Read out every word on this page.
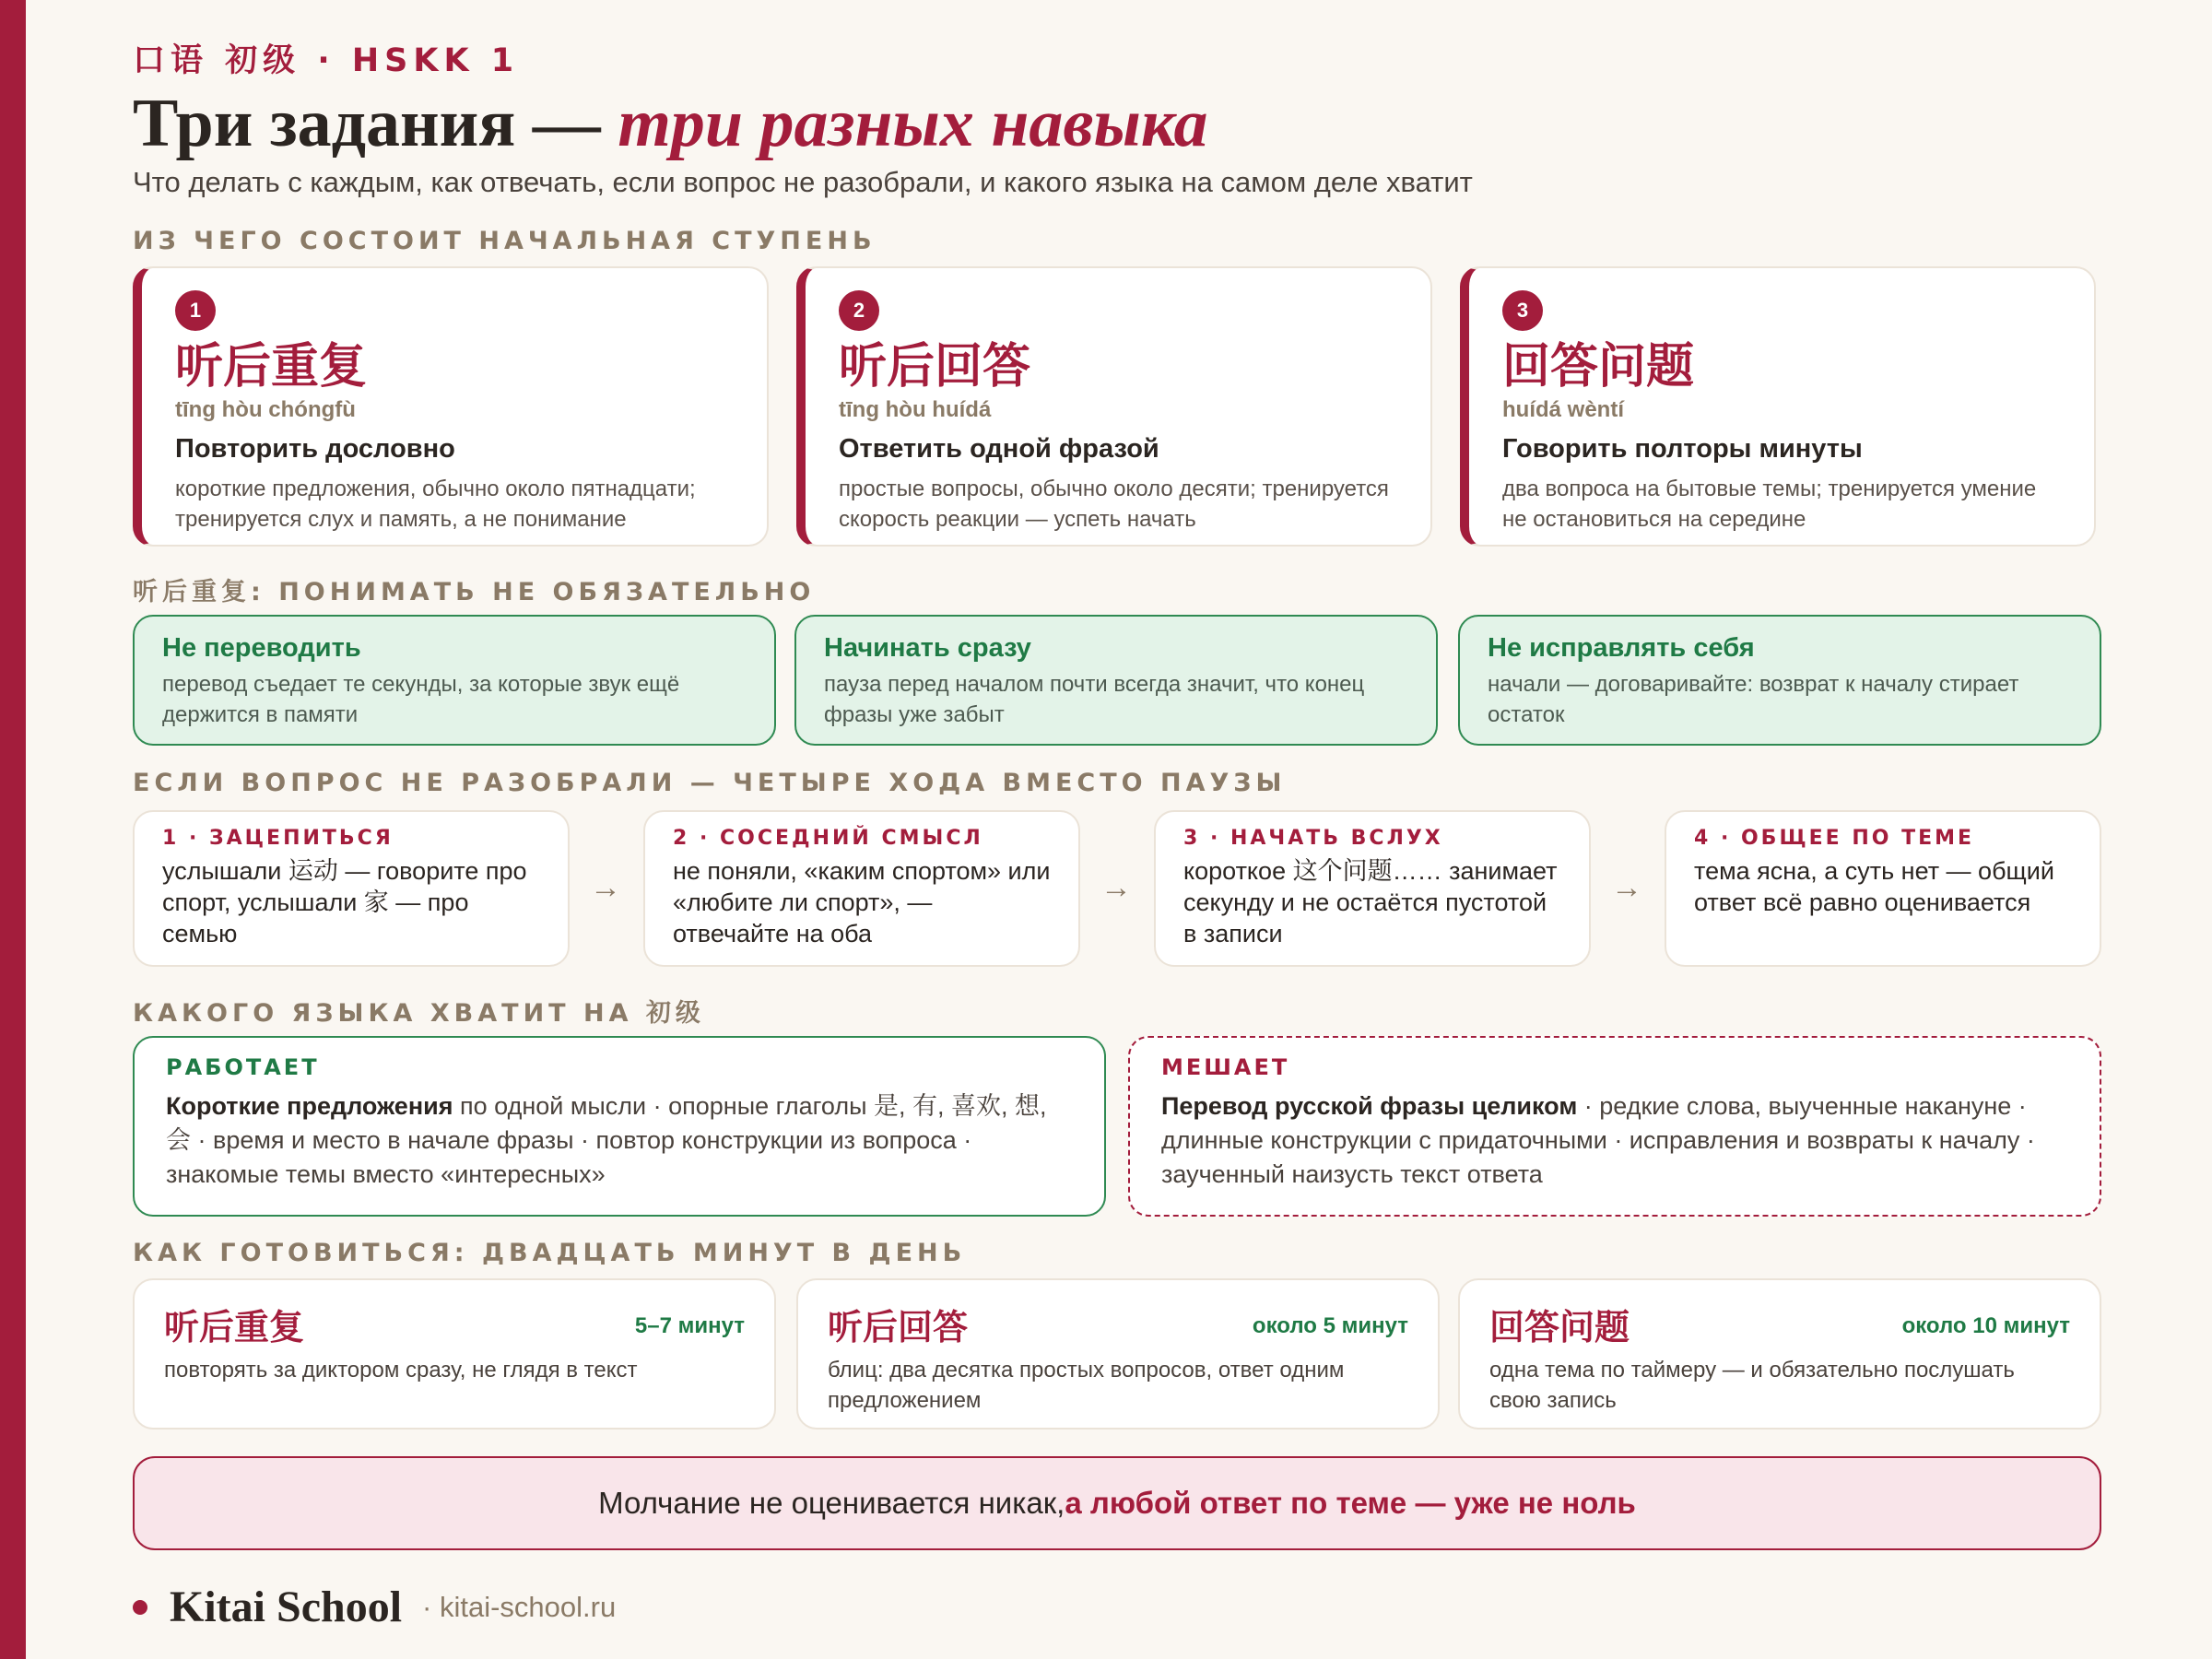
口语 初级 · HSKK 1
Три задания — три разных навыка
Что делать с каждым, как отвечать, если вопрос не разобрали, и какого языка на самом деле хватит
ИЗ ЧЕГО СОСТОИТ НАЧАЛЬНАЯ СТУПЕНЬ
1
听后重复
tīng hòu chóngfù
Повторить дословно
короткие предложения, обычно около пятнадцати; тренируется слух и память, а не понимание
2
听后回答
tīng hòu huídá
Ответить одной фразой
простые вопросы, обычно около десяти; тренируется скорость реакции — успеть начать
3
回答问题
huídá wèntí
Говорить полторы минуты
два вопроса на бытовые темы; тренируется умение не остановиться на середине
听后重复: ПОНИМАТЬ НЕ ОБЯЗАТЕЛЬНО
Не переводить
перевод съедает те секунды, за которые звук ещё держится в памяти
Начинать сразу
пауза перед началом почти всегда значит, что конец фразы уже забыт
Не исправлять себя
начали — договаривайте: возврат к началу стирает остаток
ЕСЛИ ВОПРОС НЕ РАЗОБРАЛИ — ЧЕТЫРЕ ХОДА ВМЕСТО ПАУЗЫ
1 · ЗАЦЕПИТЬСЯ
услышали 运动 — говорите про спорт, услышали 家 — про семью
→
2 · СОСЕДНИЙ СМЫСЛ
не поняли, «каким спортом» или «любите ли спорт», — отвечайте на оба
→
3 · НАЧАТЬ ВСЛУХ
короткое 这个问题…… занимает секунду и не остаётся пустотой в записи
→
4 · ОБЩЕЕ ПО ТЕМЕ
тема ясна, а суть нет — общий ответ всё равно оценивается
КАКОГО ЯЗЫКА ХВАТИТ НА 初级
РАБОТАЕТ
Короткие предложения по одной мысли · опорные глаголы 是, 有, 喜欢, 想, 会 · время и место в начале фразы · повтор конструкции из вопроса · знакомые темы вместо «интересных»
МЕШАЕТ
Перевод русской фразы целиком · редкие слова, выученные накануне · длинные конструкции с придаточными · исправления и возвраты к началу · заученный наизусть текст ответа
КАК ГОТОВИТЬСЯ: ДВАДЦАТЬ МИНУТ В ДЕНЬ
听后重复	5–7 минут
повторять за диктором сразу, не глядя в текст
听后回答	около 5 минут
блиц: два десятка простых вопросов, ответ одним предложением
回答问题	около 10 минут
одна тема по таймеру — и обязательно послушать свою запись
Молчание не оценивается никак, а любой ответ по теме — уже не ноль
Kitai School · kitai-school.ru
